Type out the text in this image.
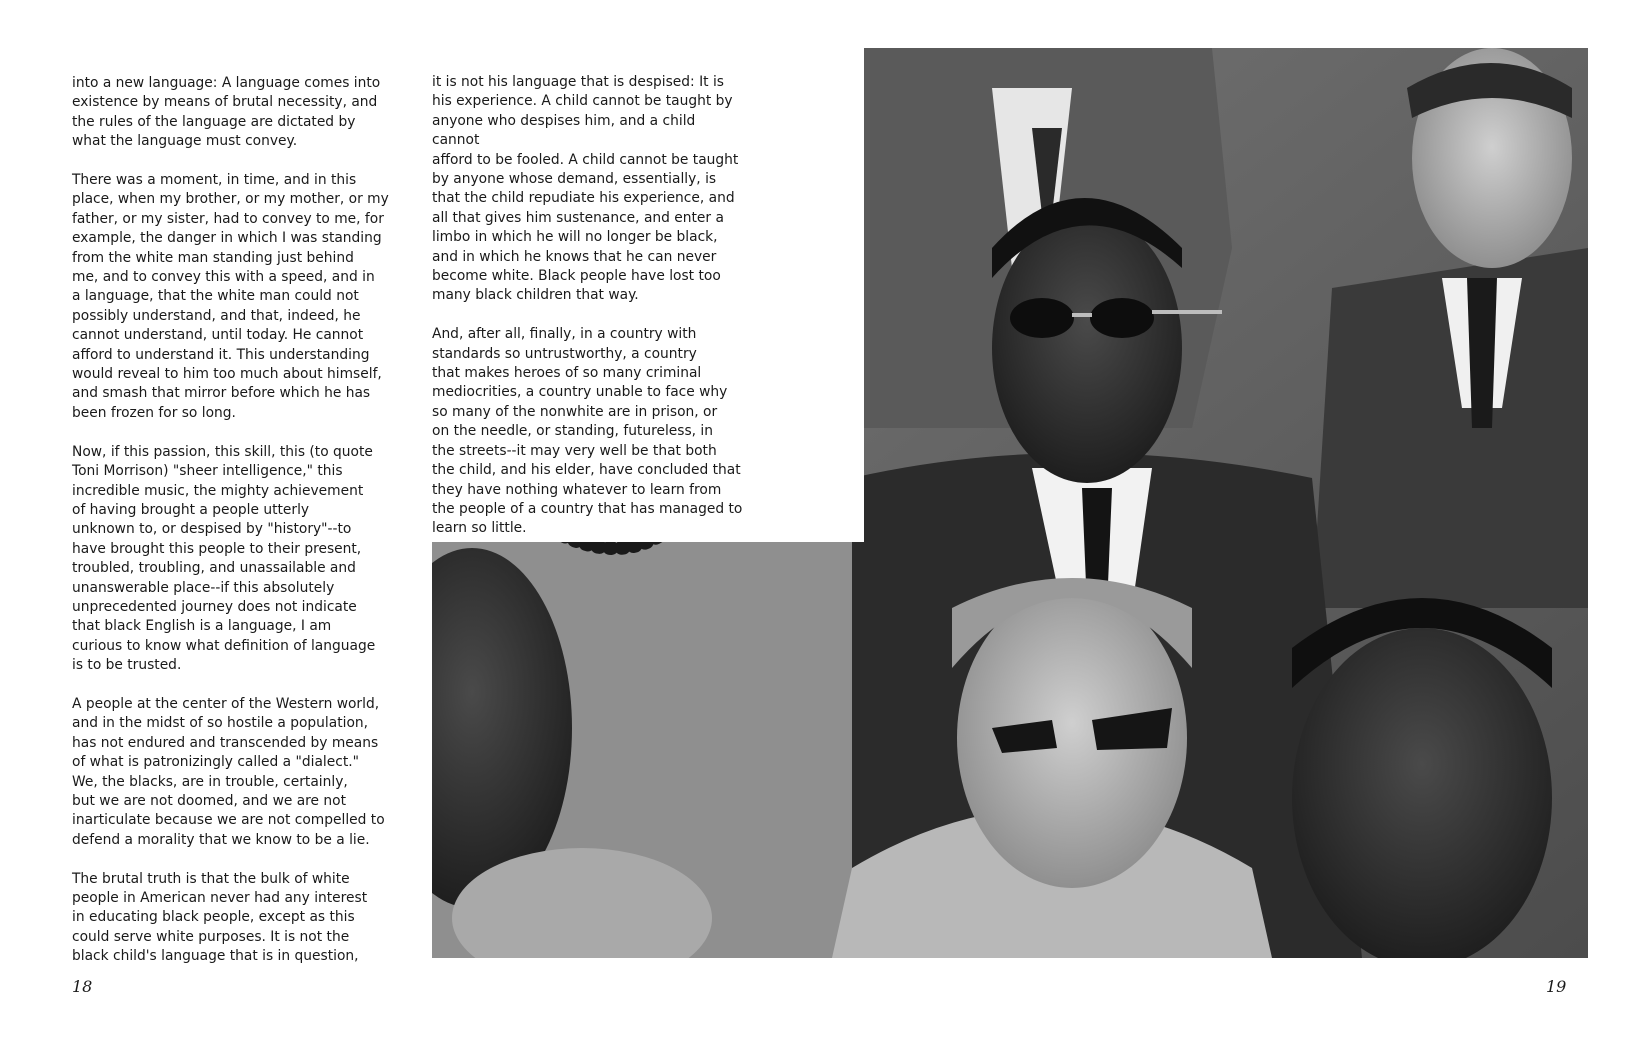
into a new language: A language comes into
existence by means of brutal necessity, and
the rules of the language are dictated by
what the language must convey.

There was a moment, in time, and in this
place, when my brother, or my mother, or my
father, or my sister, had to convey to me, for
example, the danger in which I was standing
from the white man standing just behind
me, and to convey this with a speed, and in
a language, that the white man could not
possibly understand, and that, indeed, he
cannot understand, until today. He cannot
afford to understand it. This understanding
would reveal to him too much about himself,
and smash that mirror before which he has
been frozen for so long.

Now, if this passion, this skill, this (to quote
Toni Morrison) "sheer intelligence," this
incredible music, the mighty achievement
of having brought a people utterly
unknown to, or despised by "history"--to
have brought this people to their present,
troubled, troubling, and unassailable and
unanswerable place--if this absolutely
unprecedented journey does not indicate
that black English is a language, I am
curious to know what definition of language
is to be trusted.

A people at the center of the Western world,
and in the midst of so hostile a population,
has not endured and transcended by means
of what is patronizingly called a "dialect."
We, the blacks, are in trouble, certainly,
but we are not doomed, and we are not
inarticulate because we are not compelled to
defend a morality that we know to be a lie.

The brutal truth is that the bulk of white
people in American never had any interest
in educating black people, except as this
could serve white purposes. It is not the
black child's language that is in question,

it is not his language that is despised: It is
his experience. A child cannot be taught by
anyone who despises him, and a child cannot
afford to be fooled. A child cannot be taught
by anyone whose demand, essentially, is
that the child repudiate his experience, and
all that gives him sustenance, and enter a
limbo in which he will no longer be black,
and in which he knows that he can never
become white. Black people have lost too
many black children that way.

And, after all, finally, in a country with
standards so untrustworthy, a country
that makes heroes of so many criminal
mediocrities, a country unable to face why
so many of the nonwhite are in prison, or
on the needle, or standing, futureless, in
the streets--it may very well be that both
the child, and his elder, have concluded that
they have nothing whatever to learn from
the people of a country that has managed to
learn so little.

18	19
